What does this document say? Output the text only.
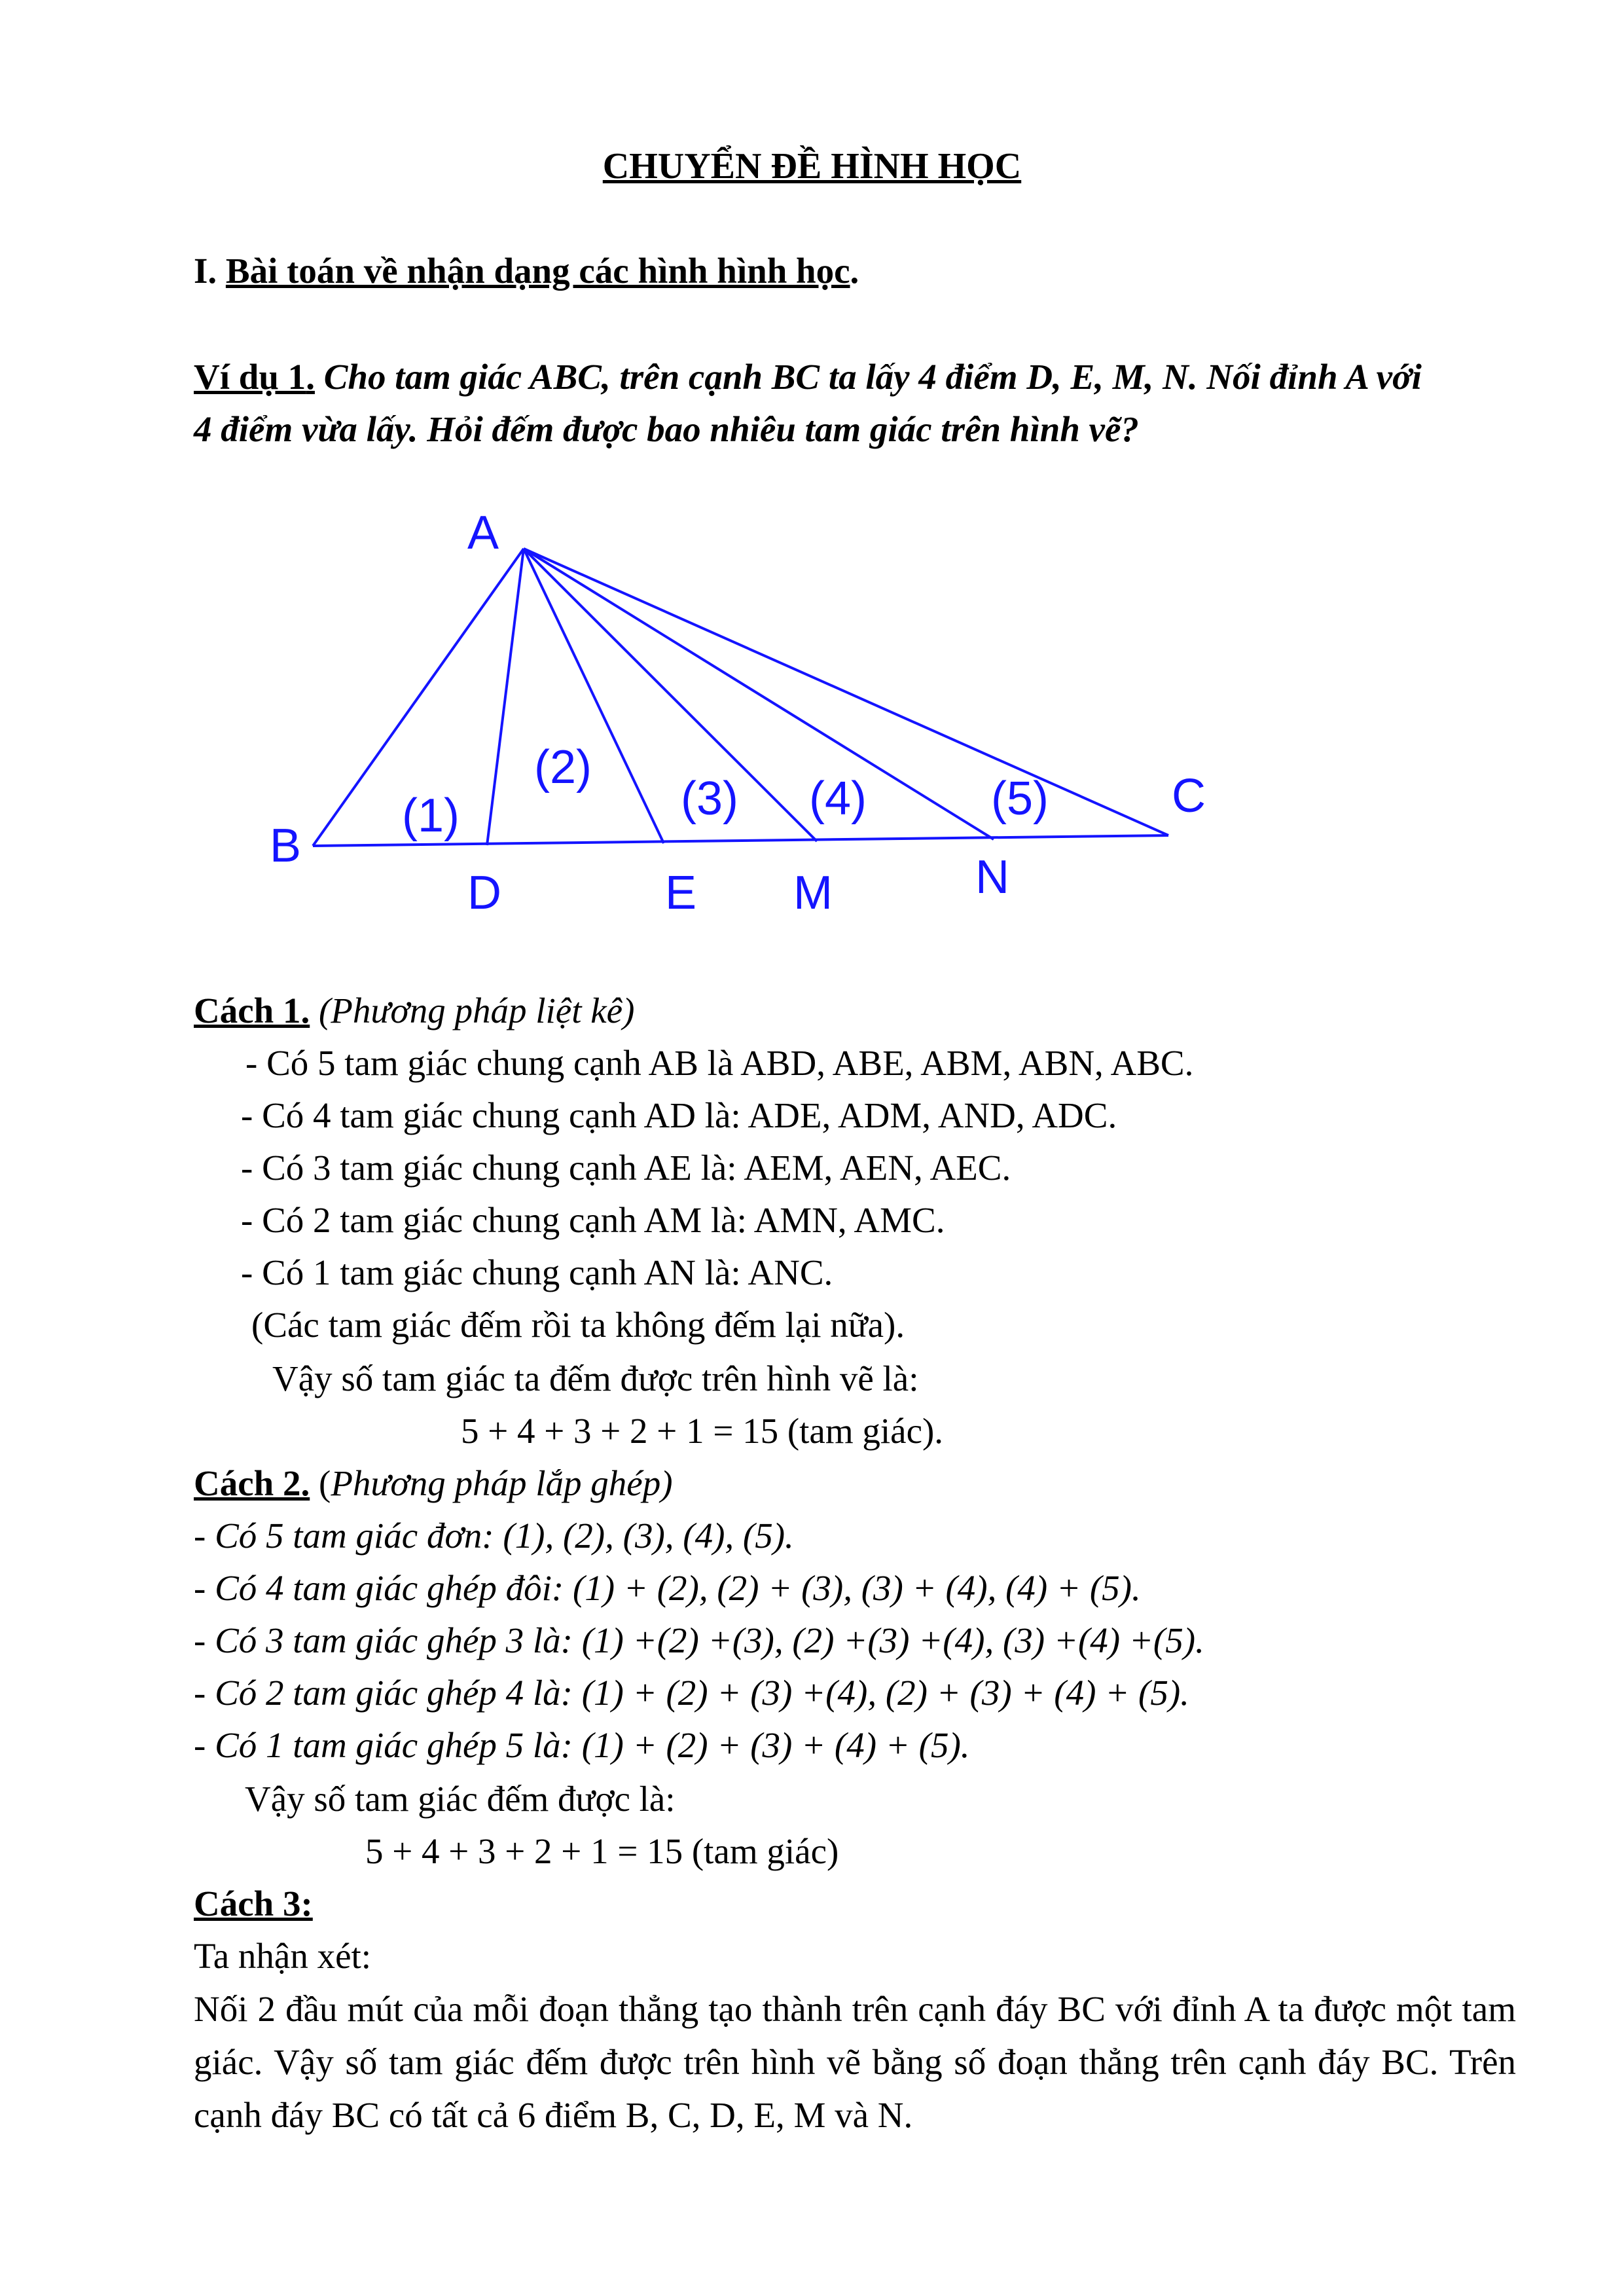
CHUYỂN ĐỀ HÌNH HỌC
I. Bài toán về nhận dạng các hình hình học.
Ví dụ 1. Cho tam giác ABC, trên cạnh BC ta lấy 4 điểm D, E, M, N. Nối đỉnh A với
4 điểm vừa lấy. Hỏi đếm được bao nhiêu tam giác trên hình vẽ?
A
B
C
D	E M	N
(1)
(2)
(3) (4)	(5)
Cách 1. (Phương pháp liệt kê)
- Có 5 tam giác chung cạnh AB là ABD, ABE, ABM, ABN, ABC.
- Có 4 tam giác chung cạnh AD là: ADE, ADM, AND, ADC.
- Có 3 tam giác chung cạnh AE là: AEM, AEN, AEC.
- Có 2 tam giác chung cạnh AM là: AMN, AMC.
- Có 1 tam giác chung cạnh AN là: ANC.
(Các tam giác đếm rồi ta không đếm lại nữa).
Vậy số tam giác ta đếm được trên hình vẽ là:
5 + 4 + 3 + 2 + 1 = 15 (tam giác).
Cách 2. (Phương pháp lắp ghép)
- Có 5 tam giác đơn: (1), (2), (3), (4), (5).
- Có 4 tam giác ghép đôi: (1) + (2), (2) + (3), (3) + (4), (4) + (5).
- Có 3 tam giác ghép 3 là: (1) +(2) +(3), (2) +(3) +(4), (3) +(4) +(5).
- Có 2 tam giác ghép 4 là: (1) + (2) + (3) +(4), (2) + (3) + (4) + (5).
- Có 1 tam giác ghép 5 là: (1) + (2) + (3) + (4) + (5).
Vậy số tam giác đếm được là:
5 + 4 + 3 + 2 + 1 = 15 (tam giác)
Cách 3:
Ta nhận xét:
Nối 2 đầu mút của mỗi đoạn thẳng tạo thành trên cạnh đáy BC với đỉnh A ta được một tam giác. Vậy số tam giác đếm được trên hình vẽ bằng số đoạn thẳng trên cạnh đáy BC. Trên cạnh đáy BC có tất cả 6 điểm B, C, D, E, M và N.
